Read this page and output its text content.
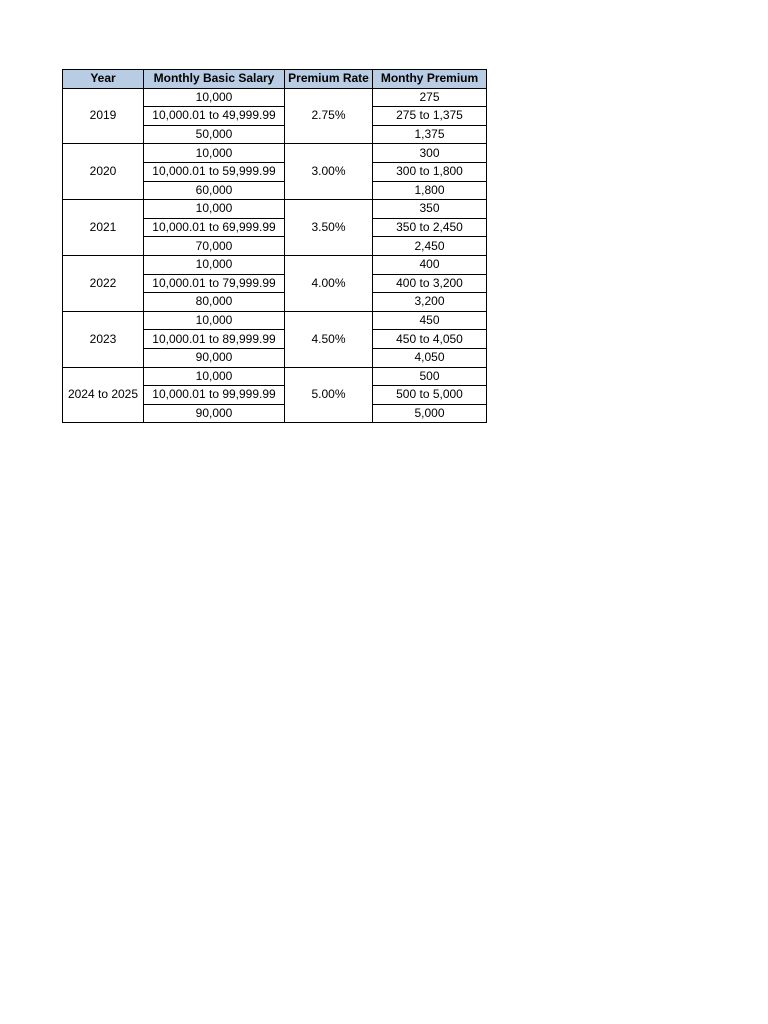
Year	Monthly Basic Salary	Premium Rate	Monthy Premium
2019	10,000	2.75%	275
	10,000.01 to 49,999.99		275 to 1,375
	50,000		1,375
2020	10,000	3.00%	300
	10,000.01 to 59,999.99		300 to 1,800
	60,000		1,800
2021	10,000	3.50%	350
	10,000.01 to 69,999.99		350 to 2,450
	70,000		2,450
2022	10,000	4.00%	400
	10,000.01 to 79,999.99		400 to 3,200
	80,000		3,200
2023	10,000	4.50%	450
	10,000.01 to 89,999.99		450 to 4,050
	90,000		4,050
2024 to 2025	10,000	5.00%	500
	10,000.01 to 99,999.99		500 to 5,000
	90,000		5,000
